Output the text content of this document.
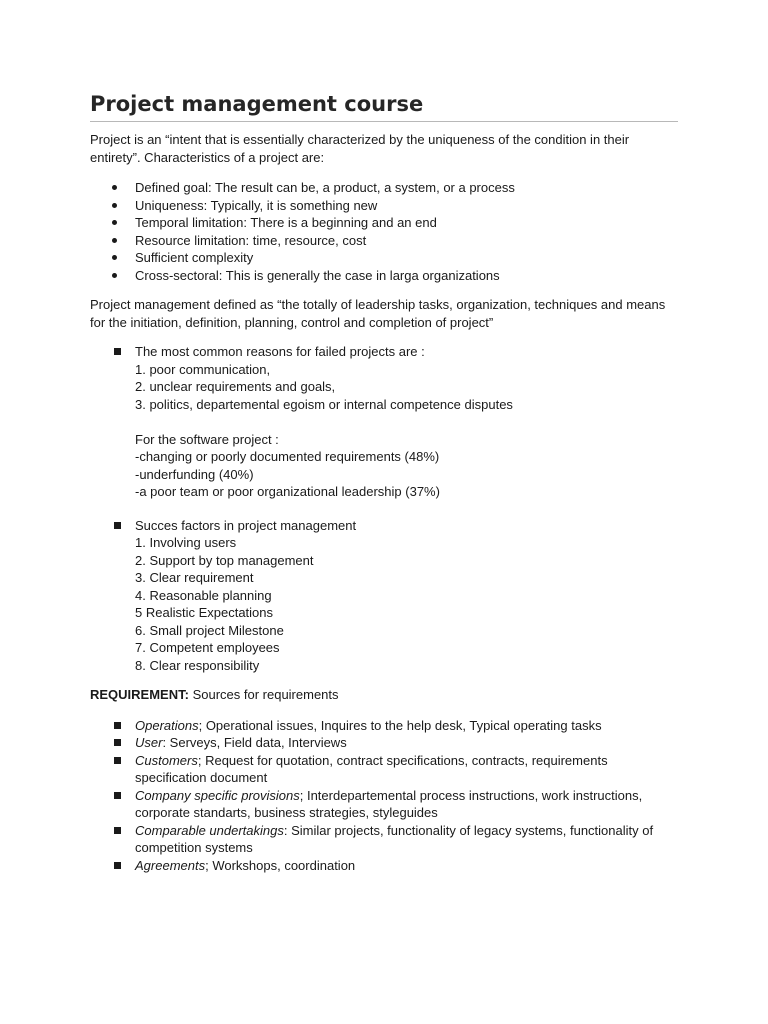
Project management course

Project is an “intent that is essentially characterized by the uniqueness of the condition in their entirety”. Characteristics of a project are:

Defined goal: The result can be, a product, a system, or a process
Uniqueness: Typically, it is something new
Temporal limitation: There is a beginning and an end
Resource limitation: time, resource, cost
Sufficient complexity
Cross-sectoral: This is generally the case in larga organizations

Project management defined as “the totally of leadership tasks, organization, techniques and means for the initiation, definition, planning, control and completion of project”

The most common reasons for failed projects are :
1. poor communication,
2. unclear requirements and goals,
3. politics, departemental egoism or internal competence disputes
For the software project :
-changing or poorly documented requirements (48%)
-underfunding (40%)
-a poor team or poor organizational leadership (37%)
Succes factors in project management
1. Involving users
2. Support by top management
3. Clear requirement
4. Reasonable planning
5 Realistic Expectations
6. Small project Milestone
7. Competent employees
8. Clear responsibility

REQUIREMENT: Sources for requirements

Operations; Operational issues, Inquires to the help desk, Typical operating tasks
User: Serveys, Field data, Interviews
Customers; Request for quotation, contract specifications, contracts, requirements specification document
Company specific provisions; Interdepartemental process instructions, work instructions, corporate standarts, business strategies, styleguides
Comparable undertakings: Similar projects, functionality of legacy systems, functionality of competition systems
Agreements; Workshops, coordination
